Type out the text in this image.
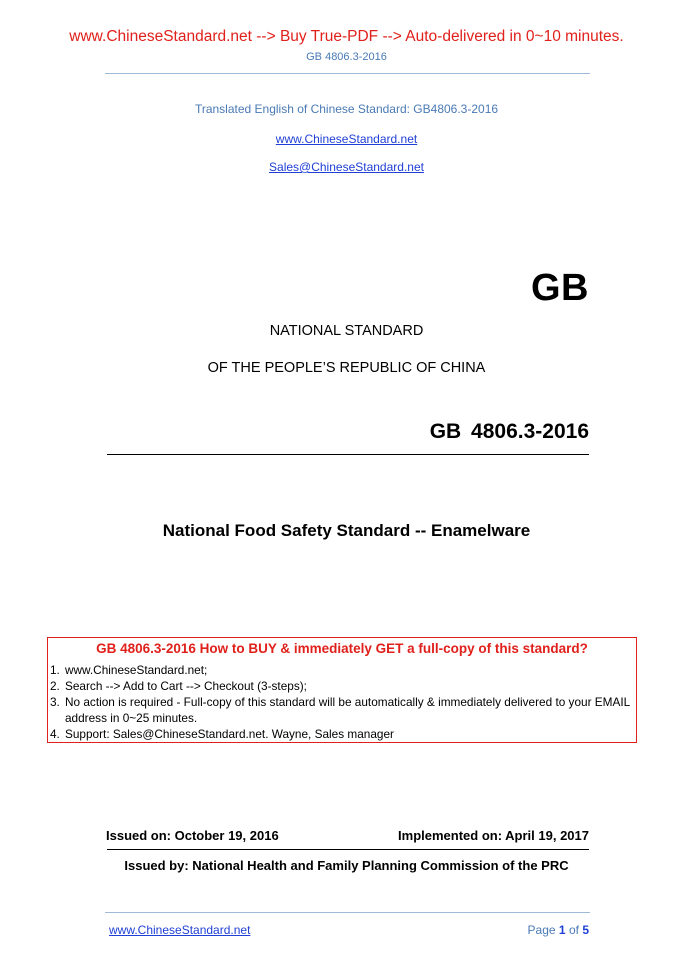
www.ChineseStandard.net --> Buy True-PDF --> Auto-delivered in 0~10 minutes.
GB 4806.3-2016
Translated English of Chinese Standard: GB4806.3-2016
www.ChineseStandard.net
Sales@ChineseStandard.net
GB
NATIONAL STANDARD
OF THE PEOPLE’S REPUBLIC OF CHINA
GB 4806.3-2016
National Food Safety Standard -- Enamelware
GB 4806.3-2016 How to BUY & immediately GET a full-copy of this standard?
1. www.ChineseStandard.net;
2. Search --> Add to Cart --> Checkout (3-steps);
3. No action is required - Full-copy of this standard will be automatically & immediately delivered to your EMAIL address in 0~25 minutes.
4. Support: Sales@ChineseStandard.net. Wayne, Sales manager
Issued on: October 19, 2016	Implemented on: April 19, 2017
Issued by: National Health and Family Planning Commission of the PRC
www.ChineseStandard.net	Page 1 of 5
